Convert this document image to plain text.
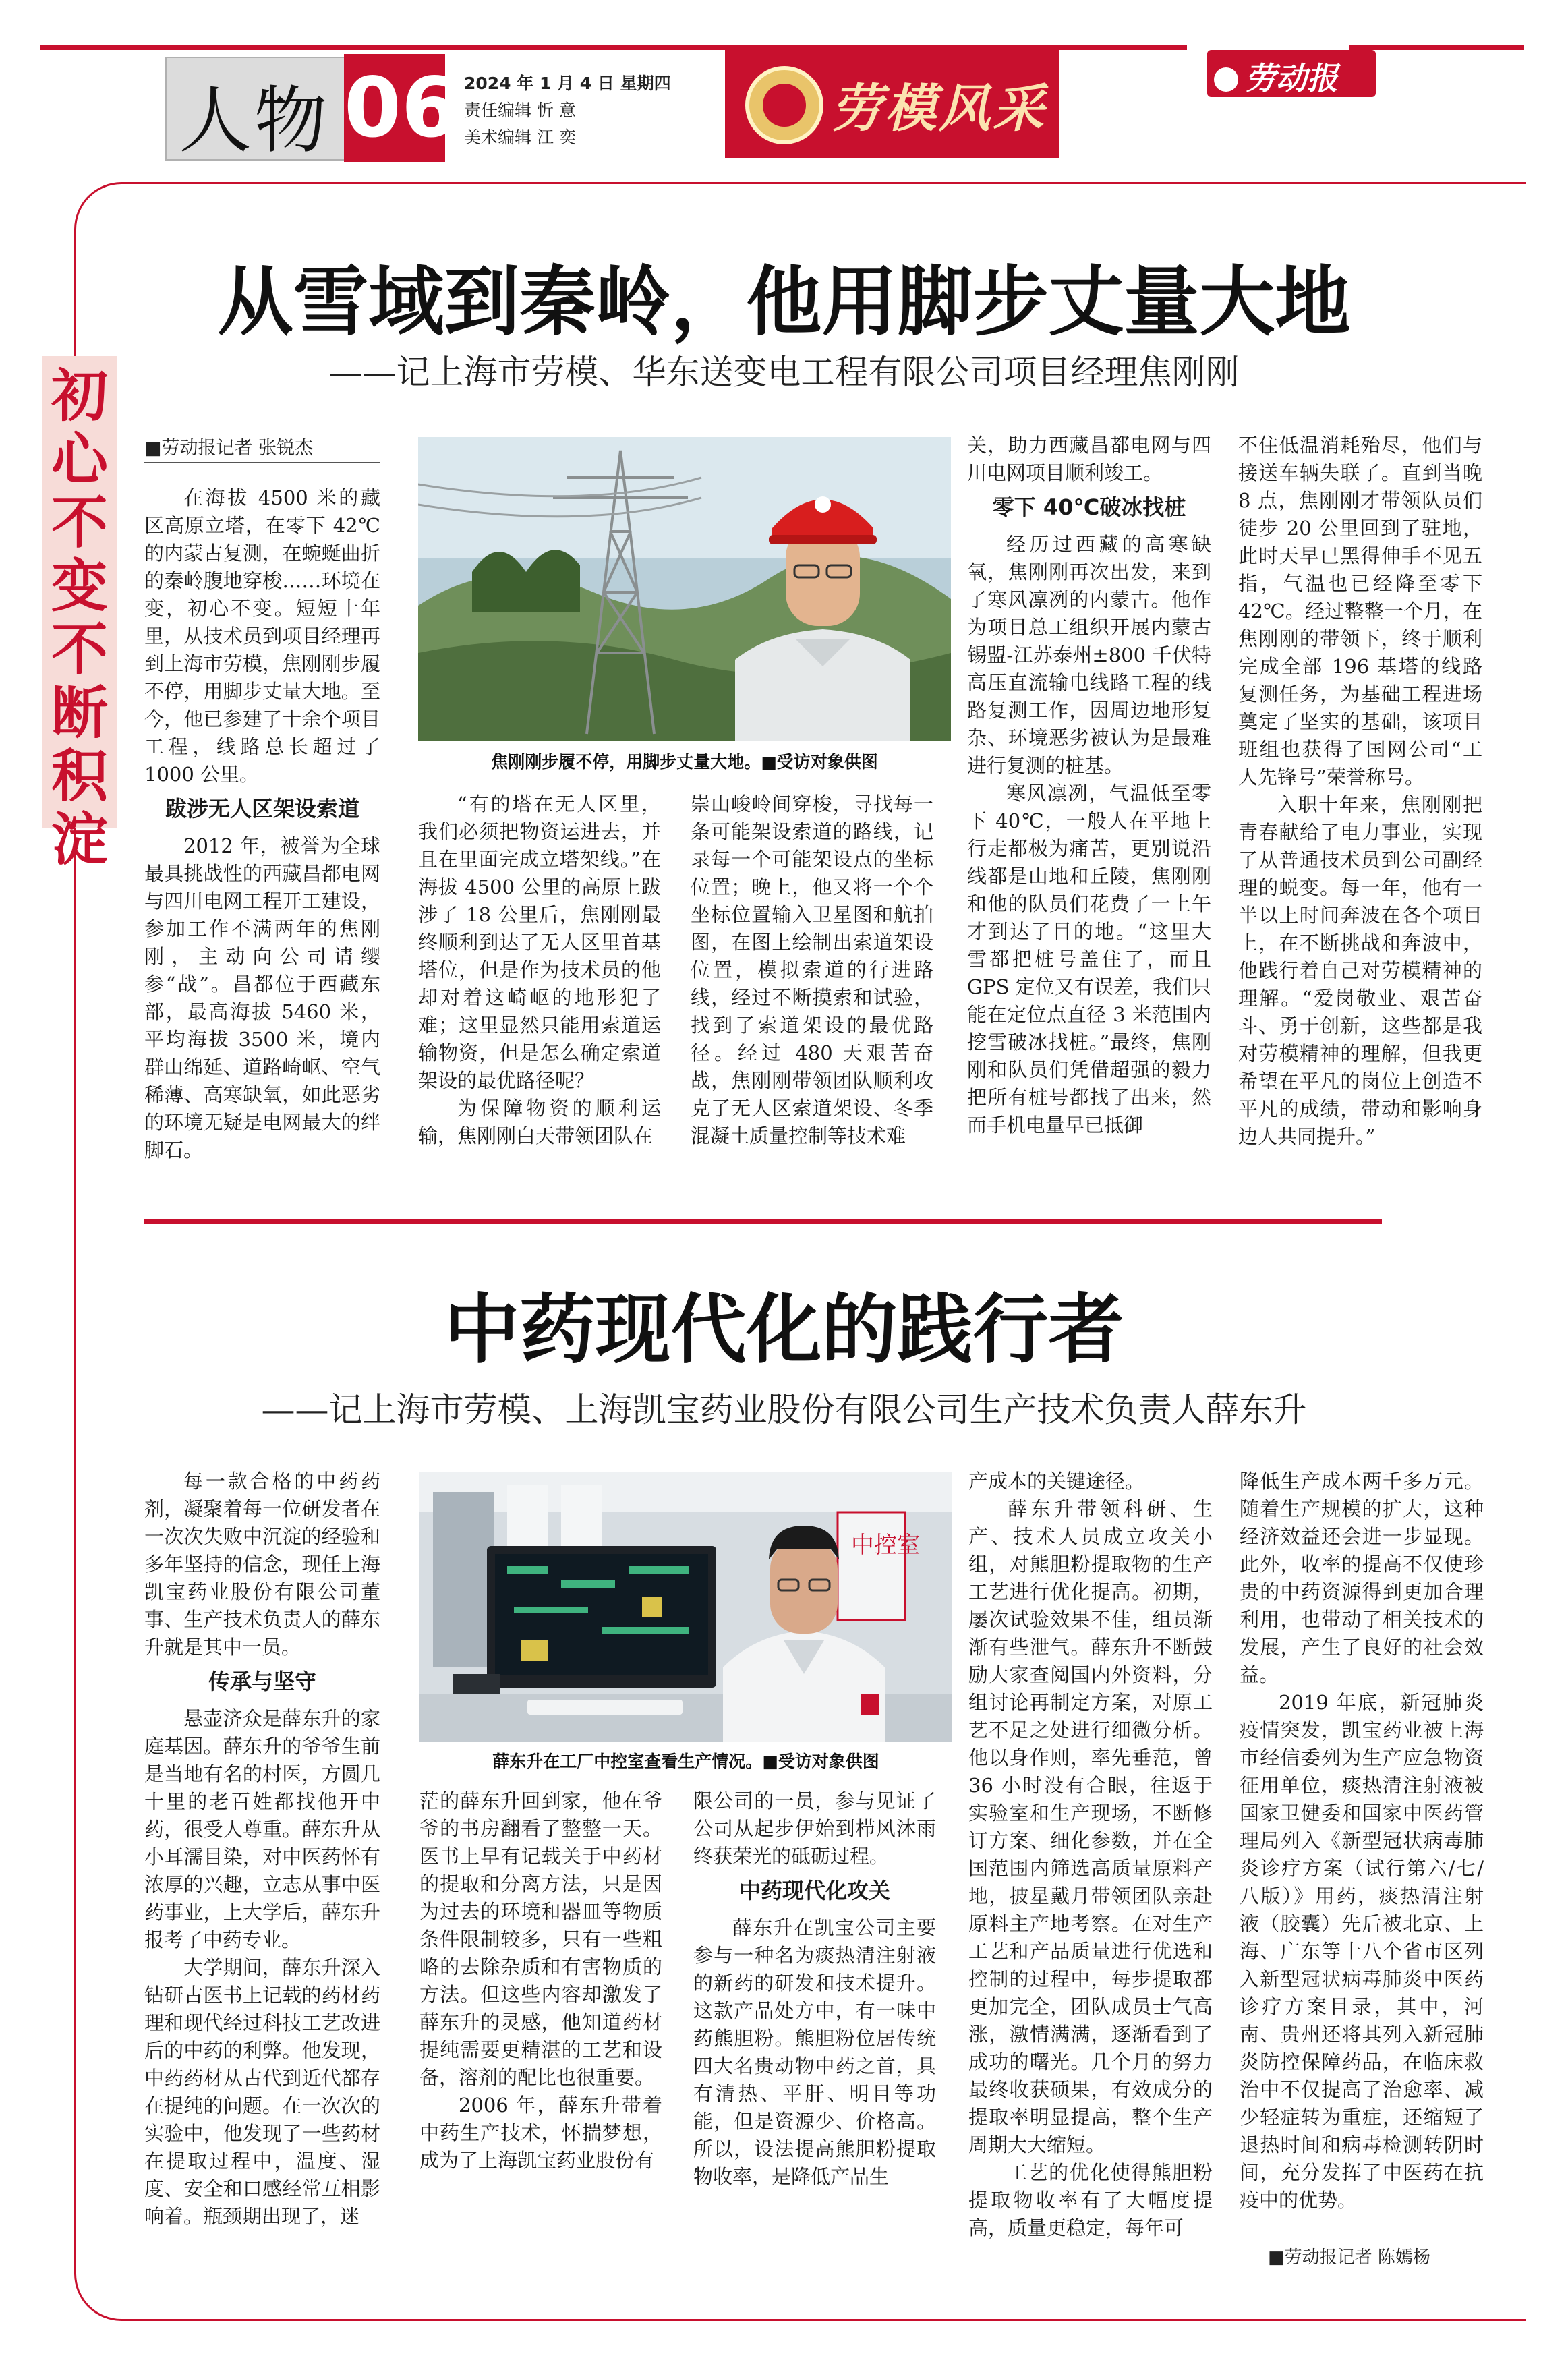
人物 06 2024 年 1 月 4 日 星期四
责任编辑 忻 意
美术编辑 江 奕	劳模风采	劳动报
初心不变 不断积淀
从雪域到秦岭，他用脚步丈量大地
——记上海市劳模、华东送变电工程有限公司项目经理焦刚刚
■劳动报记者 张锐杰
焦刚刚步履不停，用脚步丈量大地。■受访对象供图

在海拔 4500 米的藏区高原立塔，在零下 42℃的内蒙古复测，在蜿蜒曲折的秦岭腹地穿梭……环境在变，初心不变。短短十年里，从技术员到项目经理再到上海市劳模，焦刚刚步履不停，用脚步丈量大地。至今，他已参建了十余个项目工程，线路总长超过了 1000 公里。

跋涉无人区架设索道

2012 年，被誉为全球最具挑战性的西藏昌都电网与四川电网工程开工建设，参加工作不满两年的焦刚刚，主动向公司请缨参“战”。昌都位于西藏东部，最高海拔 5460 米，平均海拔 3500 米，境内群山绵延、道路崎岖、空气稀薄、高寒缺氧，如此恶劣的环境无疑是电网最大的绊脚石。

“有的塔在无人区里，我们必须把物资运进去，并且在里面完成立塔架线。”在海拔 4500 公里的高原上跋涉了 18 公里后，焦刚刚最终顺利到达了无人区里首基塔位，但是作为技术员的他却对着这崎岖的地形犯了难；这里显然只能用索道运输物资，但是怎么确定索道架设的最优路径呢？

为保障物资的顺利运输，焦刚刚白天带领团队在

崇山峻岭间穿梭，寻找每一条可能架设索道的路线，记录每一个可能架设点的坐标位置；晚上，他又将一个个坐标位置输入卫星图和航拍图，在图上绘制出索道架设位置，模拟索道的行进路线，经过不断摸索和试验，找到了索道架设的最优路径。经过 480 天艰苦奋战，焦刚刚带领团队顺利攻克了无人区索道架设、冬季混凝土质量控制等技术难

关，助力西藏昌都电网与四川电网项目顺利竣工。

零下 40℃破冰找桩

经历过西藏的高寒缺氧，焦刚刚再次出发，来到了寒风凛冽的内蒙古。他作为项目总工组织开展内蒙古锡盟-江苏泰州±800 千伏特高压直流输电线路工程的线路复测工作，因周边地形复杂、环境恶劣被认为是最难进行复测的桩基。

寒风凛冽，气温低至零下 40℃，一般人在平地上行走都极为痛苦，更别说沿线都是山地和丘陵，焦刚刚和他的队员们花费了一上午才到达了目的地。“这里大雪都把桩号盖住了，而且 GPS 定位又有误差，我们只能在定位点直径 3 米范围内挖雪破冰找桩。”最终，焦刚刚和队员们凭借超强的毅力把所有桩号都找了出来，然而手机电量早已抵御

不住低温消耗殆尽，他们与接送车辆失联了。直到当晚 8 点，焦刚刚才带领队员们徒步 20 公里回到了驻地，此时天早已黑得伸手不见五指，气温也已经降至零下 42℃。经过整整一个月，在焦刚刚的带领下，终于顺利完成全部 196 基塔的线路复测任务，为基础工程进场奠定了坚实的基础，该项目班组也获得了国网公司“工人先锋号”荣誉称号。

入职十年来，焦刚刚把青春献给了电力事业，实现了从普通技术员到公司副经理的蜕变。每一年，他有一半以上时间奔波在各个项目上，在不断挑战和奔波中，他践行着自己对劳模精神的理解。“爱岗敬业、艰苦奋斗、勇于创新，这些都是我对劳模精神的理解，但我更希望在平凡的岗位上创造不平凡的成绩，带动和影响身边人共同提升。”

中药现代化的践行者
——记上海市劳模、上海凯宝药业股份有限公司生产技术负责人薛东升
中控室
薛东升在工厂中控室查看生产情况。■受访对象供图

每一款合格的中药药剂，凝聚着每一位研发者在一次次失败中沉淀的经验和多年坚持的信念，现任上海凯宝药业股份有限公司董事、生产技术负责人的薛东升就是其中一员。

传承与坚守

悬壶济众是薛东升的家庭基因。薛东升的爷爷生前是当地有名的村医，方圆几十里的老百姓都找他开中药，很受人尊重。薛东升从小耳濡目染，对中医药怀有浓厚的兴趣，立志从事中医药事业，上大学后，薛东升报考了中药专业。

大学期间，薛东升深入钻研古医书上记载的药材药理和现代经过科技工艺改进后的中药的利弊。他发现，中药药材从古代到近代都存在提纯的问题。在一次次的实验中，他发现了一些药材在提取过程中，温度、湿度、安全和口感经常互相影响着。瓶颈期出现了，迷

茫的薛东升回到家，他在爷爷的书房翻看了整整一天。医书上早有记载关于中药材的提取和分离方法，只是因为过去的环境和器皿等物质条件限制较多，只有一些粗略的去除杂质和有害物质的方法。但这些内容却激发了薛东升的灵感，他知道药材提纯需要更精湛的工艺和设备，溶剂的配比也很重要。

2006 年，薛东升带着中药生产技术，怀揣梦想，成为了上海凯宝药业股份有

限公司的一员，参与见证了公司从起步伊始到栉风沐雨终获荣光的砥砺过程。

中药现代化攻关

薛东升在凯宝公司主要参与一种名为痰热清注射液的新药的研发和技术提升。这款产品处方中，有一味中药熊胆粉。熊胆粉位居传统四大名贵动物中药之首，具有清热、平肝、明目等功能，但是资源少、价格高。所以，设法提高熊胆粉提取物收率，是降低产品生

产成本的关键途径。

薛东升带领科研、生产、技术人员成立攻关小组，对熊胆粉提取物的生产工艺进行优化提高。初期，屡次试验效果不佳，组员渐渐有些泄气。薛东升不断鼓励大家查阅国内外资料，分组讨论再制定方案，对原工艺不足之处进行细微分析。他以身作则，率先垂范，曾 36 小时没有合眼，往返于实验室和生产现场，不断修订方案、细化参数，并在全国范围内筛选高质量原料产地，披星戴月带领团队亲赴原料主产地考察。在对生产工艺和产品质量进行优选和控制的过程中，每步提取都更加完全，团队成员士气高涨，激情满满，逐渐看到了成功的曙光。几个月的努力最终收获硕果，有效成分的提取率明显提高，整个生产周期大大缩短。

工艺的优化使得熊胆粉提取物收率有了大幅度提高，质量更稳定，每年可

降低生产成本两千多万元。随着生产规模的扩大，这种经济效益还会进一步显现。此外，收率的提高不仅使珍贵的中药资源得到更加合理利用，也带动了相关技术的发展，产生了良好的社会效益。

2019 年底，新冠肺炎疫情突发，凯宝药业被上海市经信委列为生产应急物资征用单位，痰热清注射液被国家卫健委和国家中医药管理局列入《新型冠状病毒肺炎诊疗方案（试行第六/七/八版）》用药，痰热清注射液（胶囊）先后被北京、上海、广东等十八个省市区列入新型冠状病毒肺炎中医药诊疗方案目录，其中，河南、贵州还将其列入新冠肺炎防控保障药品，在临床救治中不仅提高了治愈率、减少轻症转为重症，还缩短了退热时间和病毒检测转阴时间，充分发挥了中医药在抗疫中的优势。

■劳动报记者 陈嫣杨
